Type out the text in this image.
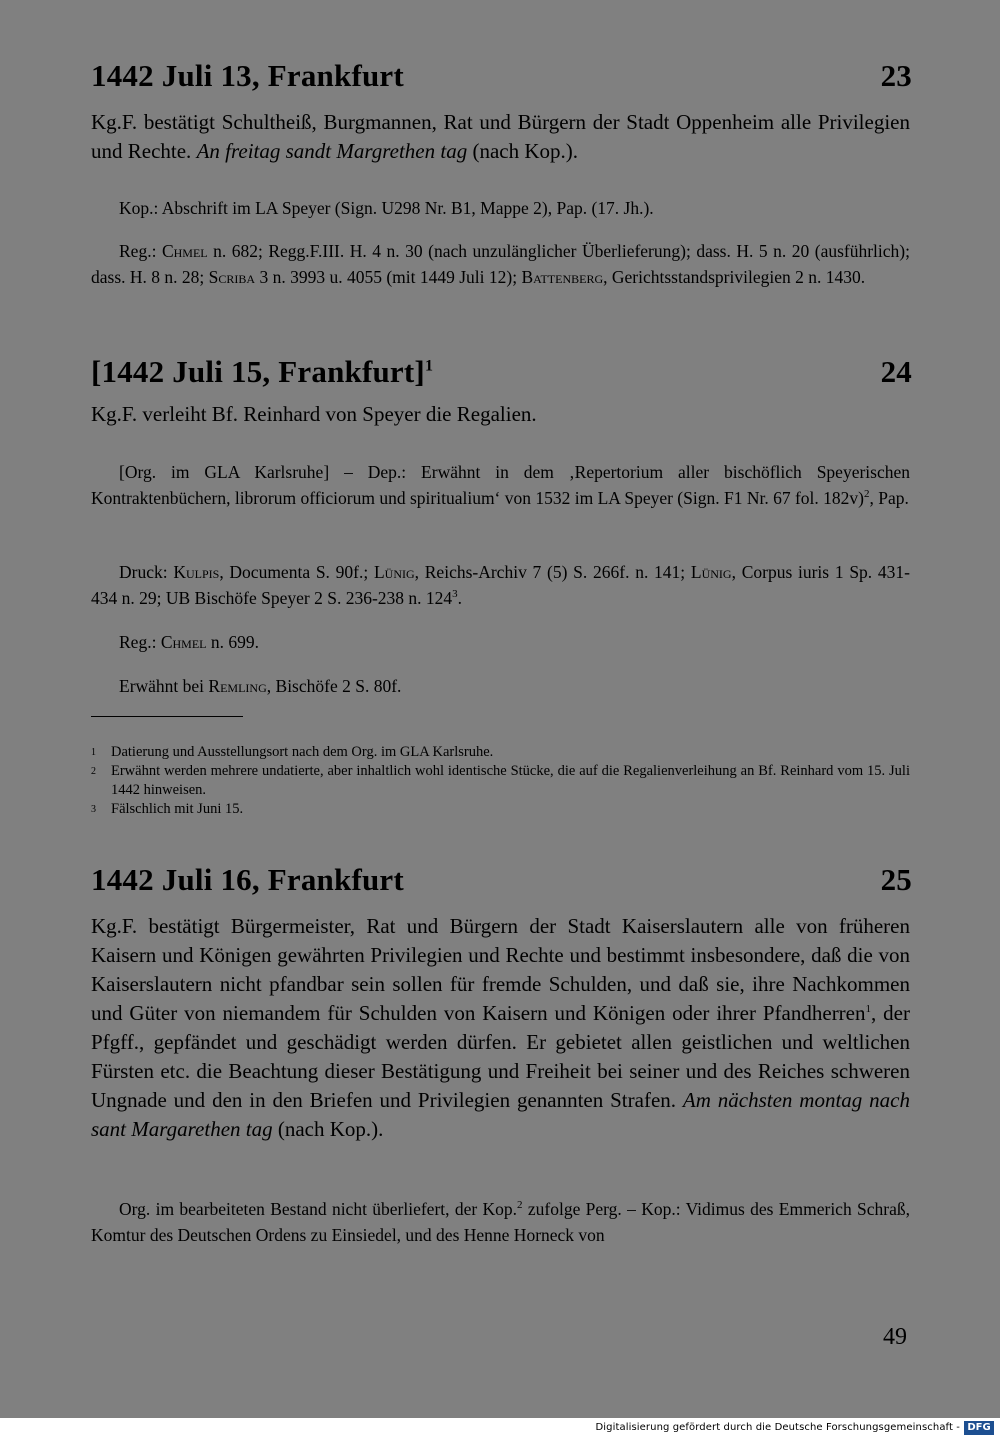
1442 Juli 13, Frankfurt	23
Kg.F. bestätigt Schultheiß, Burgmannen, Rat und Bürgern der Stadt Oppenheim alle Privilegien und Rechte. An freitag sandt Margrethen tag (nach Kop.).
Kop.: Abschrift im LA Speyer (Sign. U298 Nr. B1, Mappe 2), Pap. (17. Jh.).
Reg.: Chmel n. 682; Regg.F.III. H. 4 n. 30 (nach unzulänglicher Überlieferung); dass. H. 5 n. 20 (ausführlich); dass. H. 8 n. 28; Scriba 3 n. 3993 u. 4055 (mit 1449 Juli 12); Battenberg, Gerichtsstandsprivilegien 2 n. 1430.
[1442 Juli 15, Frankfurt]$^1$	24
Kg.F. verleiht Bf. Reinhard von Speyer die Regalien.
[Org. im GLA Karlsruhe] – Dep.: Erwähnt in dem ‚Repertorium aller bischöflich Speyerischen Kontraktenbüchern, librorum officiorum und spiritualium‘ von 1532 im LA Speyer (Sign. F1 Nr. 67 fol. 182v)$^2$, Pap.
Druck: Kulpis, Documenta S. 90f.; Lünig, Reichs-Archiv 7 (5) S. 266f. n. 141; Lünig, Corpus iuris 1 Sp. 431-434 n. 29; UB Bischöfe Speyer 2 S. 236-238 n. 124$^3$.
Reg.: Chmel n. 699.
Erwähnt bei Remling, Bischöfe 2 S. 80f.
1	Datierung und Ausstellungsort nach dem Org. im GLA Karlsruhe.
2	Erwähnt werden mehrere undatierte, aber inhaltlich wohl identische Stücke, die auf die Regalienverleihung an Bf. Reinhard vom 15. Juli 1442 hinweisen.
3	Fälschlich mit Juni 15.
1442 Juli 16, Frankfurt	25
Kg.F. bestätigt Bürgermeister, Rat und Bürgern der Stadt Kaiserslautern alle von früheren Kaisern und Königen gewährten Privilegien und Rechte und bestimmt insbesondere, daß die von Kaiserslautern nicht pfandbar sein sollen für fremde Schulden, und daß sie, ihre Nachkommen und Güter von niemandem für Schulden von Kaisern und Königen oder ihrer Pfandherren$^1$, der Pfgff., gepfändet und geschädigt werden dürfen. Er gebietet allen geistlichen und weltlichen Fürsten etc. die Beachtung dieser Bestätigung und Freiheit bei seiner und des Reiches schweren Ungnade und den in den Briefen und Privilegien genannten Strafen. Am nächsten montag nach sant Margarethen tag (nach Kop.).
Org. im bearbeiteten Bestand nicht überliefert, der Kop.$^2$ zufolge Perg. – Kop.: Vidimus des Emmerich Schraß, Komtur des Deutschen Ordens zu Einsiedel, und des Henne Horneck von
49
Digitalisierung gefördert durch die Deutsche Forschungsgemeinschaft - DFG
